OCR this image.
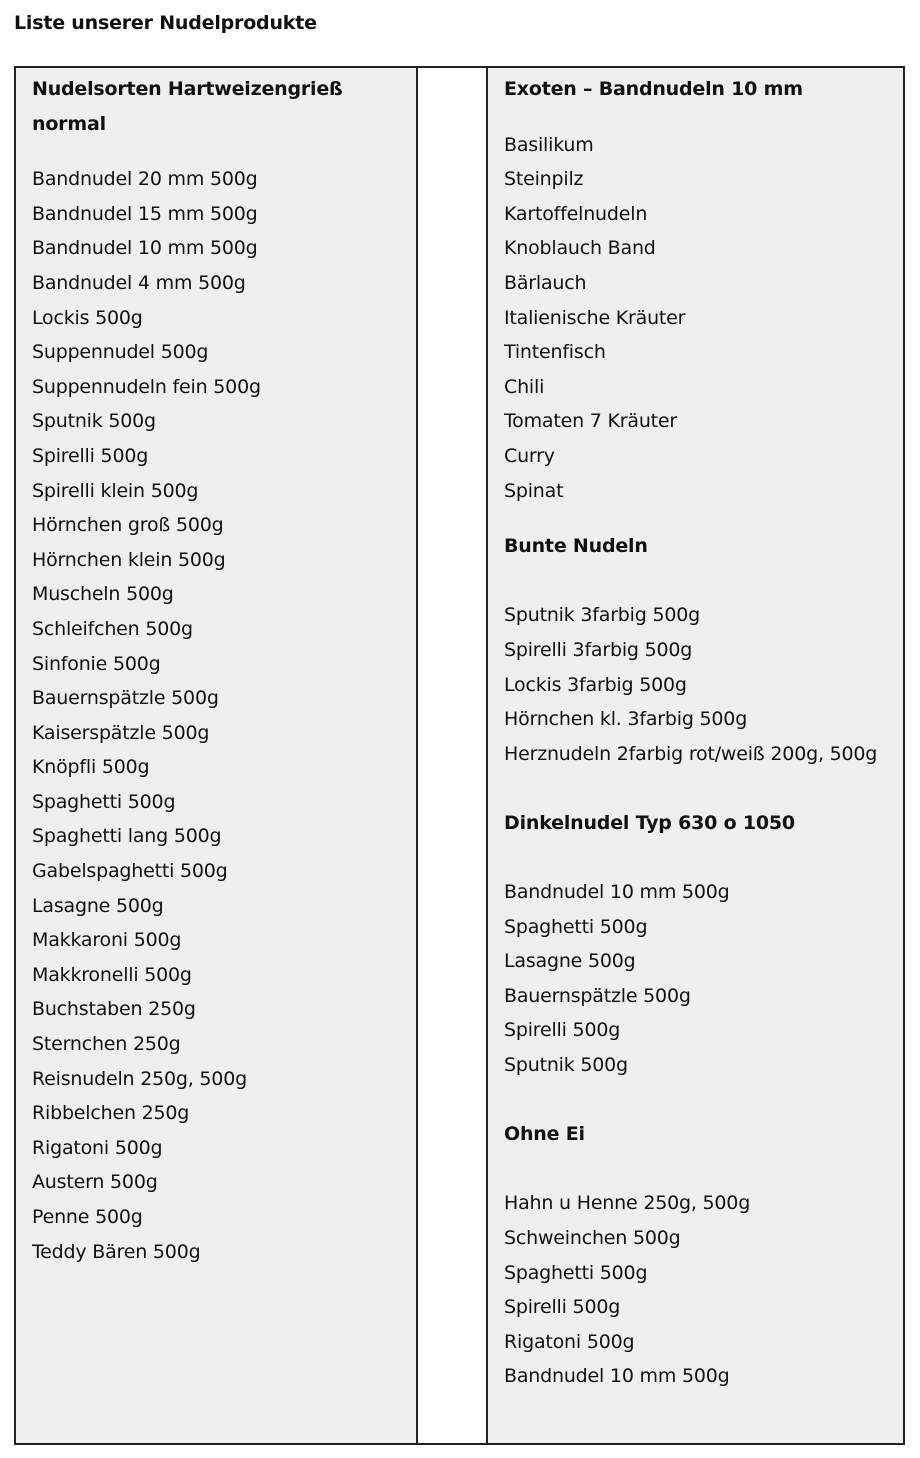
Liste unserer Nudelprodukte

Nudelsorten Hartweizengrieß normal

Bandnudel 20 mm 500g

Bandnudel 15 mm 500g

Bandnudel 10 mm 500g

Bandnudel 4 mm 500g

Lockis 500g

Suppennudel 500g

Suppennudeln fein 500g

Sputnik 500g

Spirelli 500g

Spirelli klein 500g

Hörnchen groß 500g

Hörnchen klein 500g

Muscheln 500g

Schleifchen 500g

Sinfonie 500g

Bauernspätzle 500g

Kaiserspätzle 500g

Knöpfli 500g

Spaghetti 500g

Spaghetti lang 500g

Gabelspaghetti 500g

Lasagne 500g

Makkaroni 500g

Makkronelli 500g

Buchstaben 250g

Sternchen 250g

Reisnudeln 250g, 500g

Ribbelchen 250g

Rigatoni 500g

Austern 500g

Penne 500g

Teddy Bären 500g

Exoten – Bandnudeln 10 mm

Basilikum

Steinpilz

Kartoffelnudeln

Knoblauch Band

Bärlauch

Italienische Kräuter

Tintenfisch

Chili

Tomaten 7 Kräuter

Curry

Spinat

Bunte Nudeln

Sputnik 3farbig 500g

Spirelli 3farbig 500g

Lockis 3farbig 500g

Hörnchen kl. 3farbig 500g

Herznudeln 2farbig rot/weiß 200g, 500g

Dinkelnudel Typ 630 o 1050

Bandnudel 10 mm 500g

Spaghetti 500g

Lasagne 500g

Bauernspätzle 500g

Spirelli 500g

Sputnik 500g

Ohne Ei

Hahn u Henne 250g, 500g

Schweinchen 500g

Spaghetti 500g

Spirelli 500g

Rigatoni 500g

Bandnudel 10 mm 500g
